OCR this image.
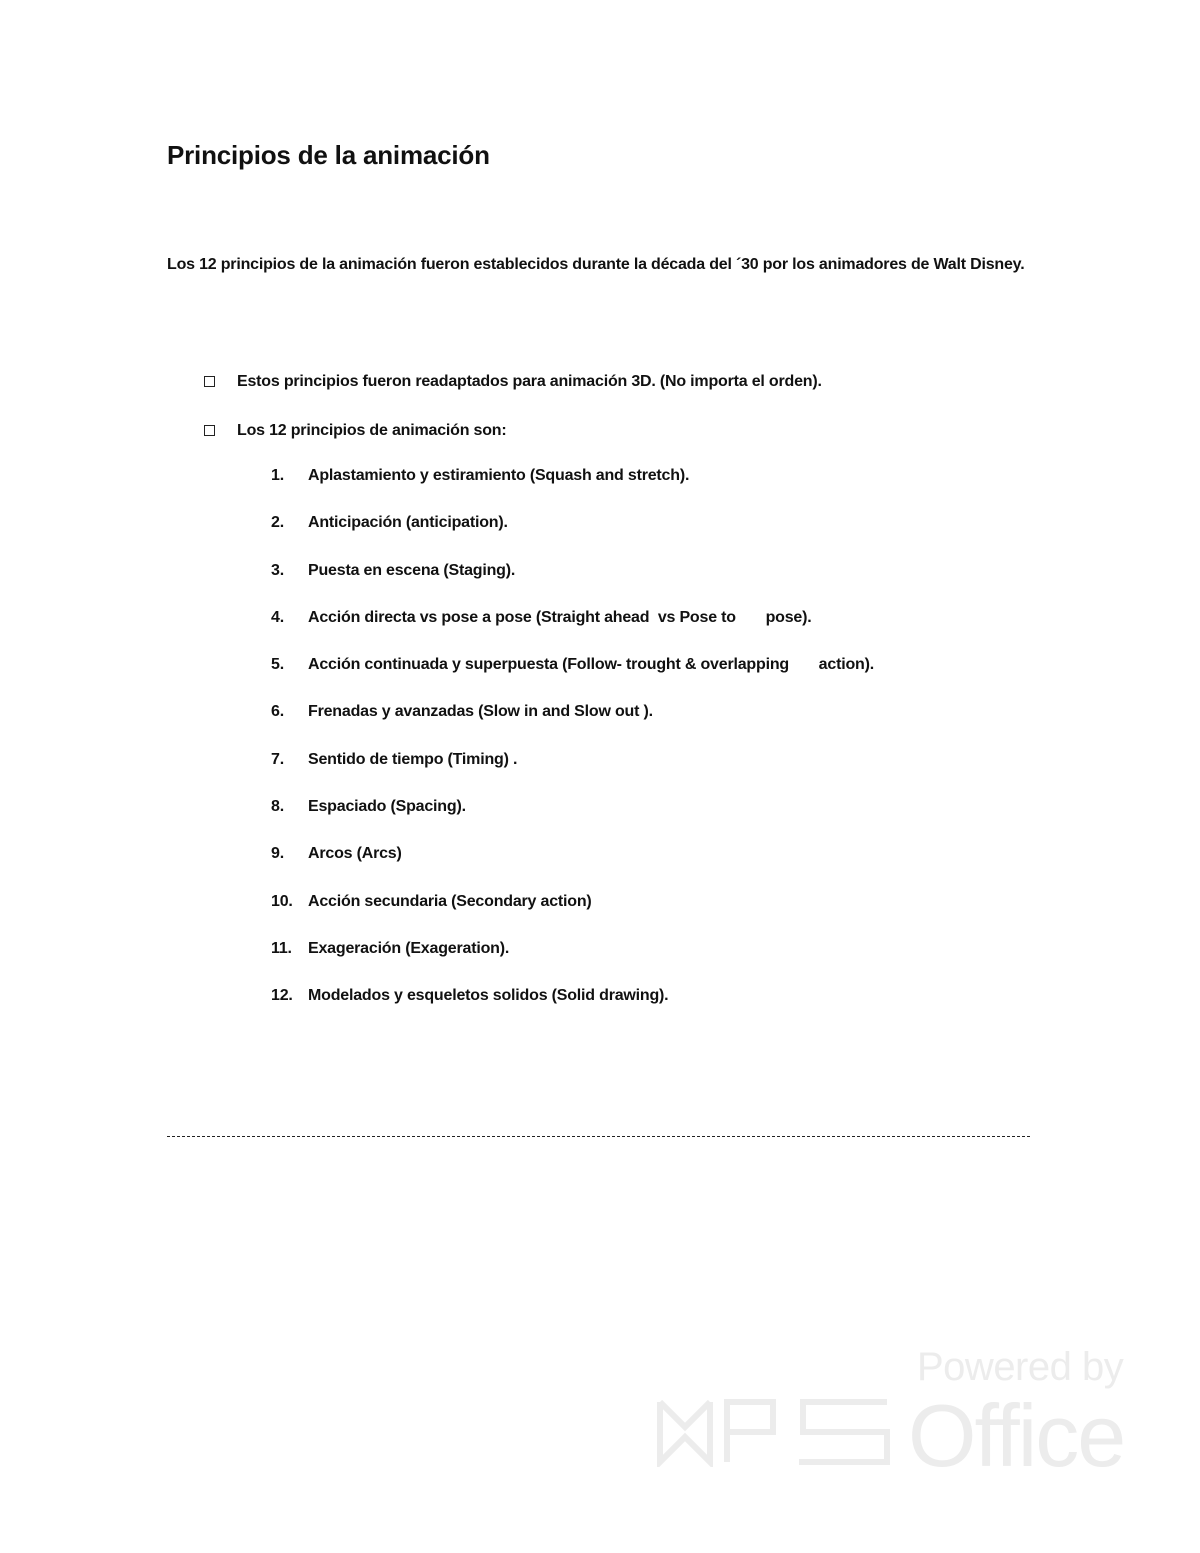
Principios de la animación
Los 12 principios de la animación fueron establecidos durante la década del ´30 por los animadores de Walt Disney.
Estos principios fueron readaptados para animación 3D. (No importa el orden).
Los 12 principios de animación son:
1. Aplastamiento y estiramiento (Squash and stretch).
2. Anticipación (anticipation).
3. Puesta en escena (Staging).
4. Acción directa vs pose a pose (Straight ahead  vs Pose to       pose).
5. Acción continuada y superpuesta (Follow- trought & overlapping       action).
6. Frenadas y avanzadas (Slow in and Slow out ).
7. Sentido de tiempo (Timing) .
8. Espaciado (Spacing).
9. Arcos (Arcs)
10. Acción secundaria (Secondary action)
11. Exageración (Exageration).
12. Modelados y esqueletos solidos (Solid drawing).
Powered by
Office
